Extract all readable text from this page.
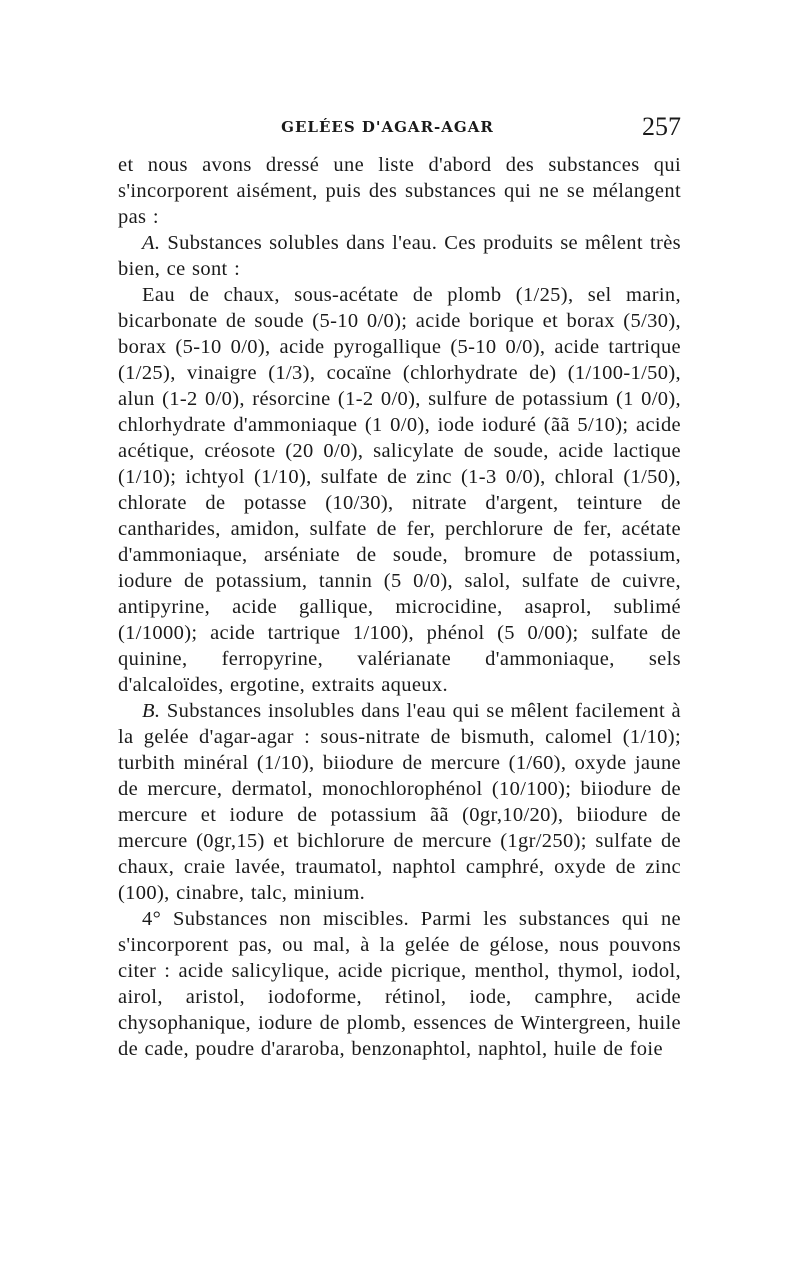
GELÉES D'AGAR-AGAR	257

et nous avons dressé une liste d'abord des substances qui s'incorporent aisément, puis des substances qui ne se mélangent pas :

A. Substances solubles dans l'eau. Ces produits se mêlent très bien, ce sont :

Eau de chaux, sous-acétate de plomb (1/25), sel marin, bicarbonate de soude (5-10 0/0); acide borique et borax (5/30), borax (5-10 0/0), acide pyrogallique (5-10 0/0), acide tartrique (1/25), vinaigre (1/3), cocaïne (chlorhydrate de) (1/100-1/50), alun (1-2 0/0), résorcine (1-2 0/0), sulfure de potassium (1 0/0), chlorhydrate d'ammoniaque (1 0/0), iode ioduré (ãã 5/10); acide acétique, créosote (20 0/0), salicylate de soude, acide lactique (1/10); ichtyol (1/10), sulfate de zinc (1-3 0/0), chloral (1/50), chlorate de potasse (10/30), nitrate d'argent, teinture de cantharides, amidon, sulfate de fer, perchlorure de fer, acétate d'ammoniaque, arséniate de soude, bromure de potassium, iodure de potassium, tannin (5 0/0), salol, sulfate de cuivre, antipyrine, acide gallique, microcidine, asaprol, sublimé (1/1000); acide tartrique 1/100), phénol (5 0/00); sulfate de quinine, ferropyrine, valérianate d'ammoniaque, sels d'alcaloïdes, ergotine, extraits aqueux.

B. Substances insolubles dans l'eau qui se mêlent facilement à la gelée d'agar-agar : sous-nitrate de bismuth, calomel (1/10); turbith minéral (1/10), biiodure de mercure (1/60), oxyde jaune de mercure, dermatol, monochlorophénol (10/100); biiodure de mercure et iodure de potassium ãã (0gr,10/20), biiodure de mercure (0gr,15) et bichlorure de mercure (1gr/250); sulfate de chaux, craie lavée, traumatol, naphtol camphré, oxyde de zinc (100), cinabre, talc, minium.

4° Substances non miscibles. Parmi les substances qui ne s'incorporent pas, ou mal, à la gelée de gélose, nous pouvons citer : acide salicylique, acide picrique, menthol, thymol, iodol, airol, aristol, iodoforme, rétinol, iode, camphre, acide chysophanique, iodure de plomb, essences de Wintergreen, huile de cade, poudre d'araroba, benzonaphtol, naphtol, huile de foie
